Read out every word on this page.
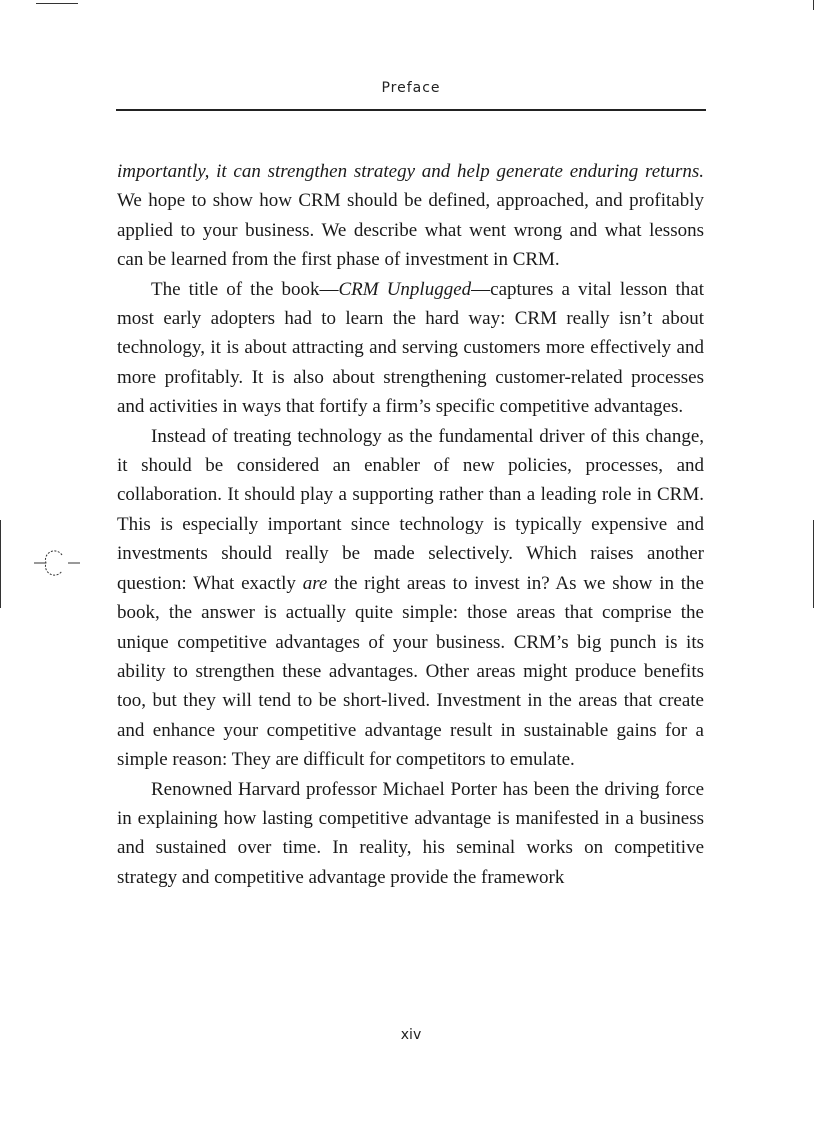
Preface

importantly, it can strengthen strategy and help generate enduring returns. We hope to show how CRM should be defined, approached, and profitably applied to your business. We describe what went wrong and what lessons can be learned from the first phase of investment in CRM.

The title of the book—CRM Unplugged—captures a vital lesson that most early adopters had to learn the hard way: CRM really isn’t about technology, it is about attracting and serving customers more effectively and more profitably. It is also about strengthening customer-related processes and activities in ways that fortify a firm’s specific competitive advantages.

Instead of treating technology as the fundamental driver of this change, it should be considered an enabler of new policies, processes, and collaboration. It should play a supporting rather than a leading role in CRM. This is especially important since technology is typically expensive and investments should really be made selectively. Which raises another question: What exactly are the right areas to invest in? As we show in the book, the answer is actually quite simple: those areas that comprise the unique competitive advantages of your business. CRM’s big punch is its ability to strengthen these advantages. Other areas might produce benefits too, but they will tend to be short-lived. Investment in the areas that create and enhance your competitive advantage result in sustainable gains for a simple reason: They are difficult for competitors to emulate.

Renowned Harvard professor Michael Porter has been the driving force in explaining how lasting competitive advantage is manifested in a business and sustained over time. In reality, his seminal works on competitive strategy and competitive advantage provide the framework

xiv
